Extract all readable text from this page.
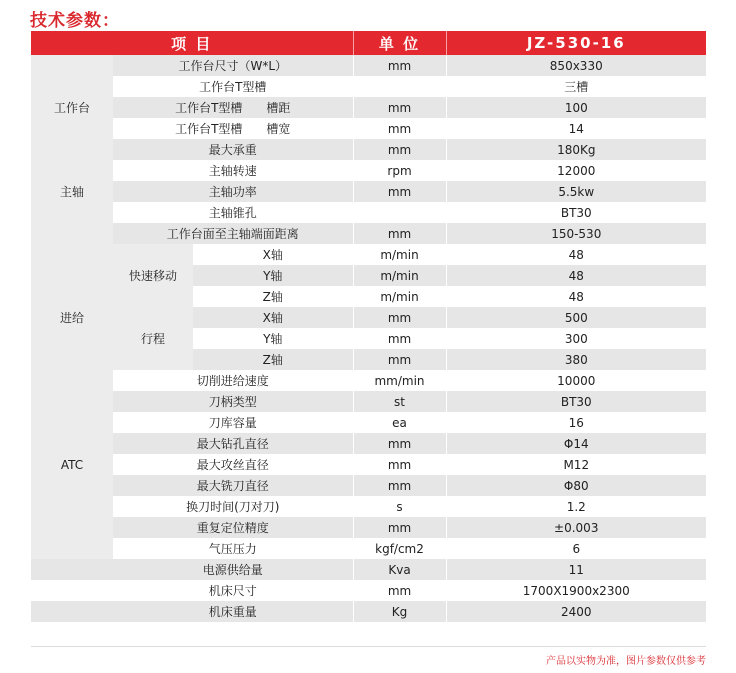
技术参数：
项 目			单 位	JZ-530-16
工作台	工作台尺寸（W*L）		mm	850x330
	工作台T型槽			三槽
	工作台T型槽　　槽距		mm	100
	工作台T型槽　　槽宽		mm	14
	最大承重		mm	180Kg
主轴	主轴转速		rpm	12000
	主轴功率		mm	5.5kw
	主轴锥孔			BT30
	工作台面至主轴端面距离		mm	150-530
进给	快速移动	X轴	m/min	48
		Y轴	m/min	48
		Z轴	m/min	48
	行程	X轴	mm	500
		Y轴	mm	300
		Z轴	mm	380
	切削进给速度		mm/min	10000
ATC	刀柄类型		st	BT30
	刀库容量		ea	16
	最大钻孔直径		mm	Φ14
	最大攻丝直径		mm	M12
	最大铣刀直径		mm	Φ80
	换刀时间(刀对刀)		s	1.2
	重复定位精度		mm	±0.003
	气压压力		kgf/cm2	6
	电源供给量		Kva	11
	机床尺寸		mm	1700X1900x2300
	机床重量		Kg	2400
产品以实物为准，图片参数仅供参考
